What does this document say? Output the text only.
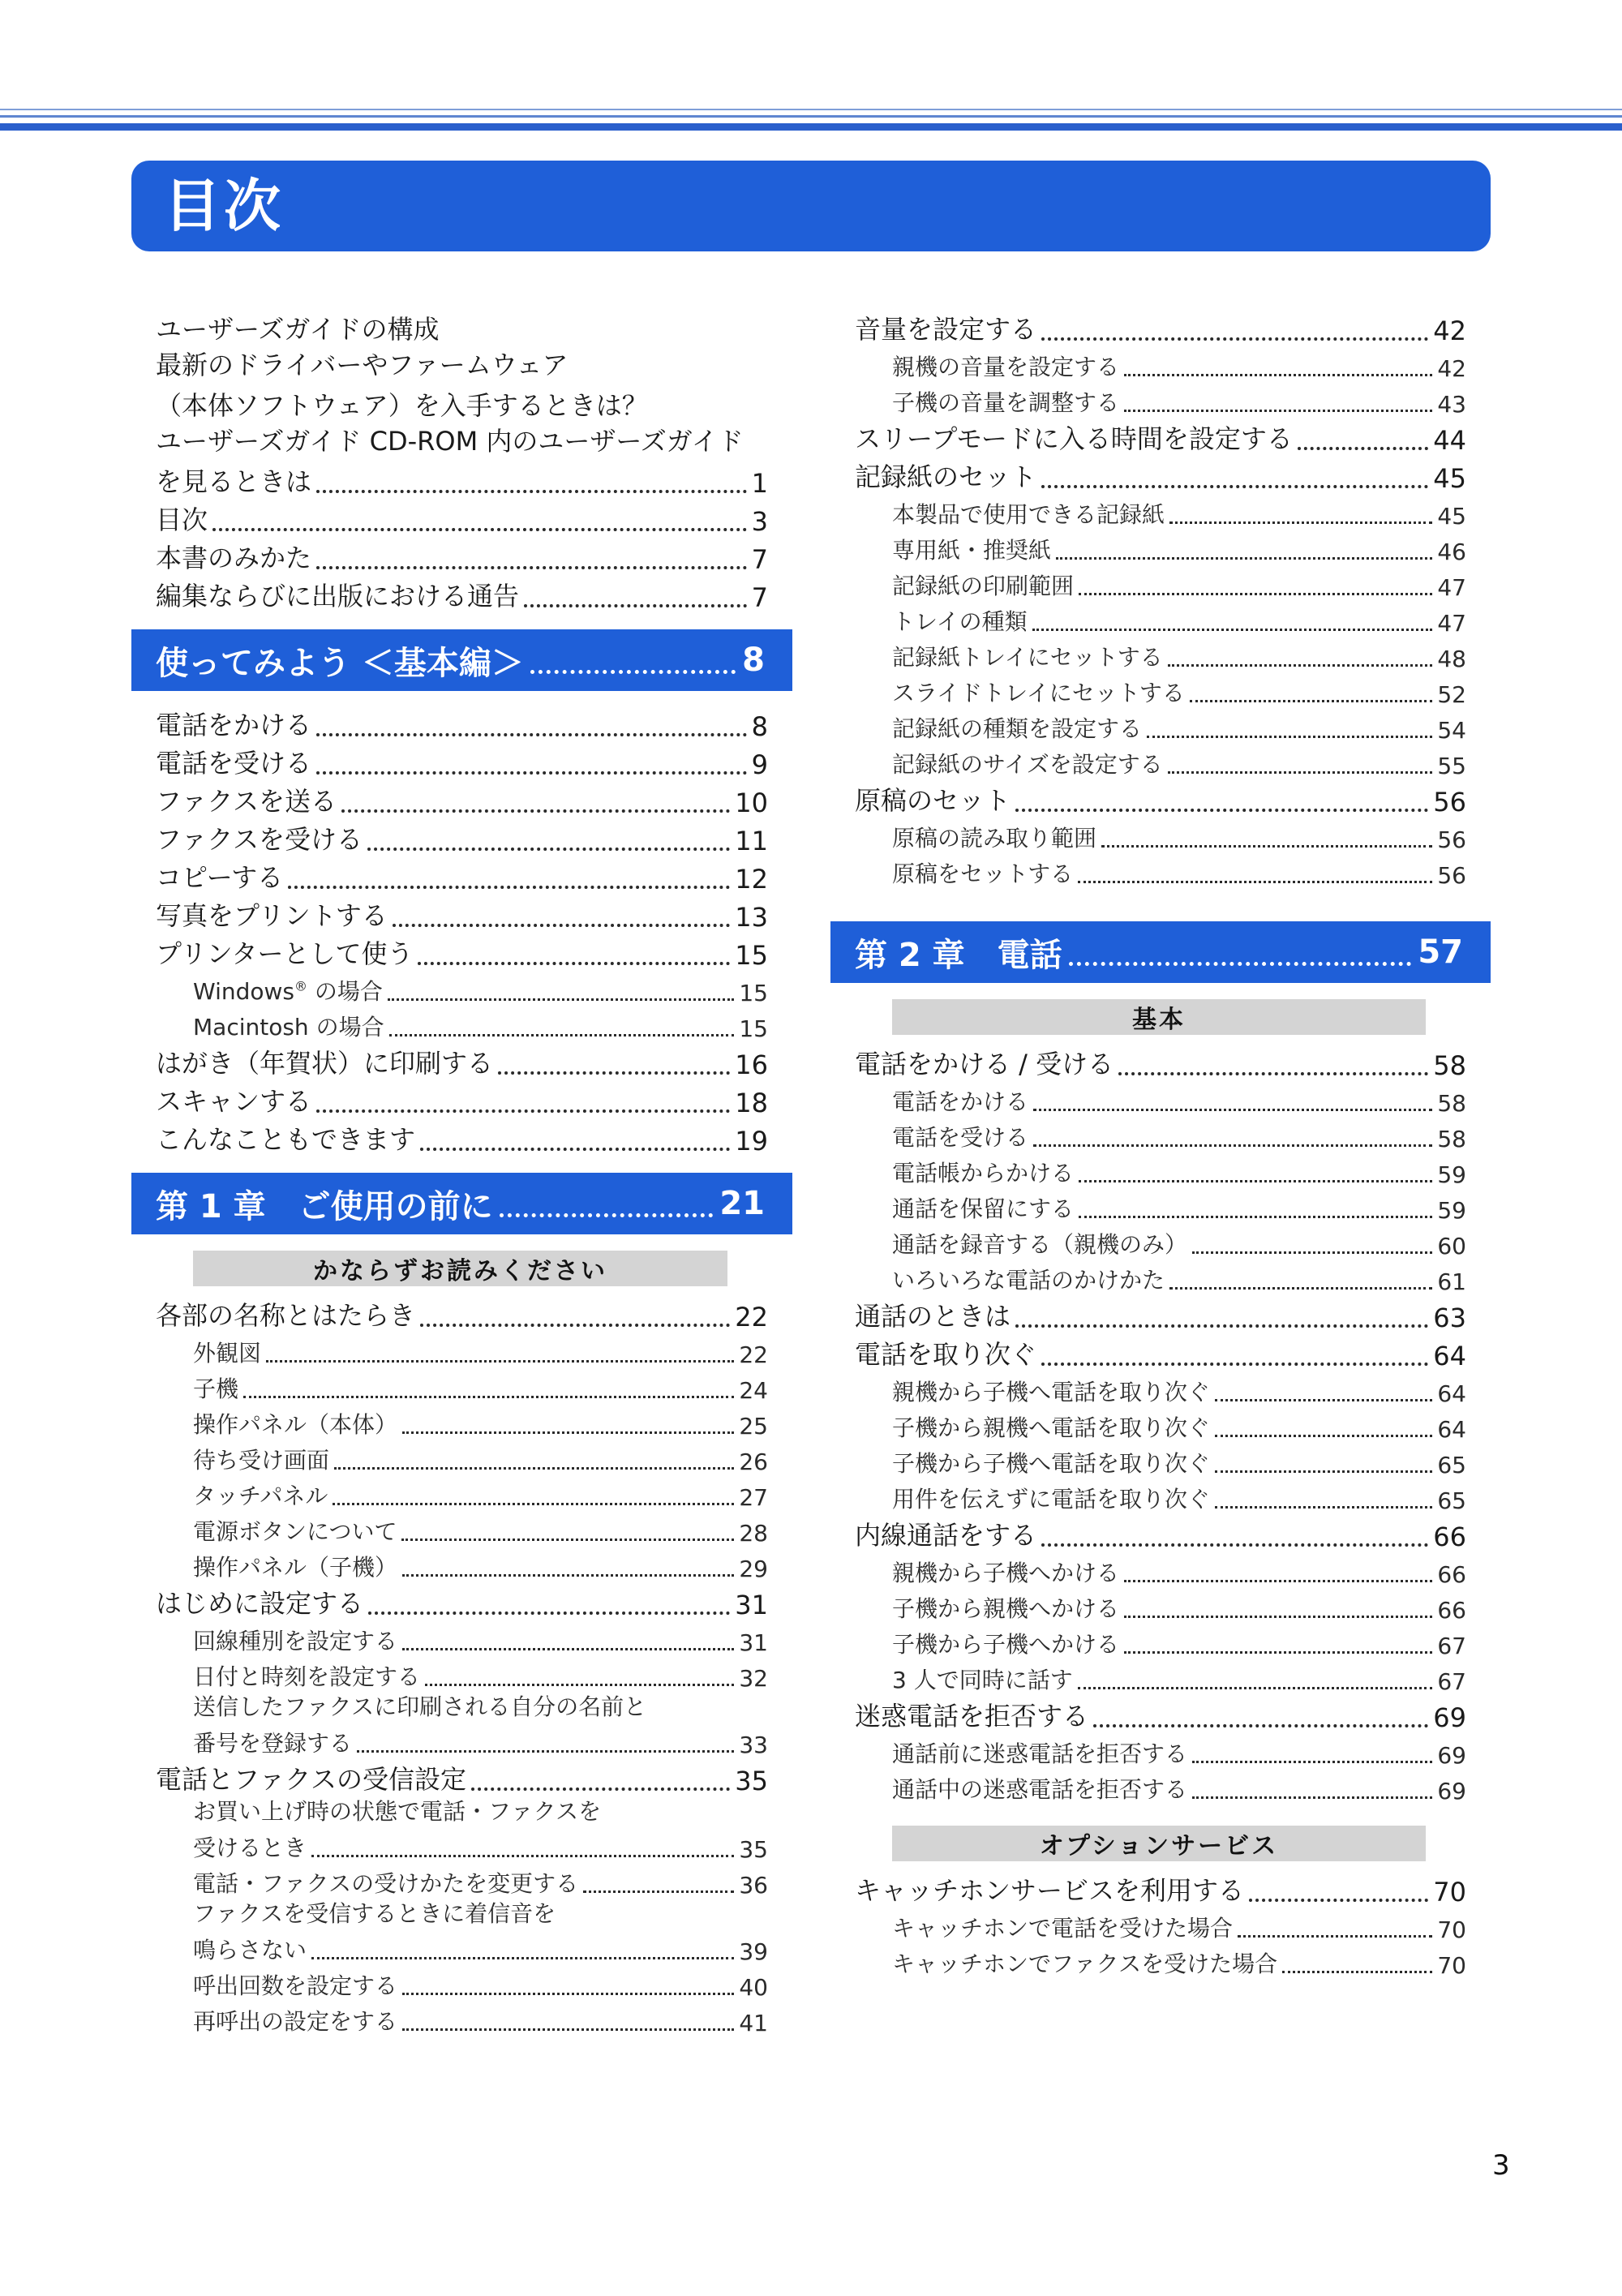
目次
ユーザーズガイドの構成
最新のドライバーやファームウェア
（本体ソフトウェア）を入手するときは？
ユーザーズガイド CD-ROM 内のユーザーズガイド
を見るときは	1
目次	3
本書のみかた	7
編集ならびに出版における通告	7
使ってみよう ＜基本編＞	8
電話をかける	8
電話を受ける	9
ファクスを送る	10
ファクスを受ける	11
コピーする	12
写真をプリントする	13
プリンターとして使う	15
Windows® の場合	15
Macintosh の場合	15
はがき（年賀状）に印刷する	16
スキャンする	18
こんなこともできます	19
第 1 章　ご使用の前に	21
かならずお読みください
各部の名称とはたらき	22
外観図	22
子機	24
操作パネル（本体）	25
待ち受け画面	26
タッチパネル	27
電源ボタンについて	28
操作パネル（子機）	29
はじめに設定する	31
回線種別を設定する	31
日付と時刻を設定する	32
送信したファクスに印刷される自分の名前と
番号を登録する	33
電話とファクスの受信設定	35
お買い上げ時の状態で電話・ファクスを
受けるとき	35
電話・ファクスの受けかたを変更する	36
ファクスを受信するときに着信音を
鳴らさない	39
呼出回数を設定する	40
再呼出の設定をする	41
音量を設定する	42
親機の音量を設定する	42
子機の音量を調整する	43
スリープモードに入る時間を設定する	44
記録紙のセット	45
本製品で使用できる記録紙	45
専用紙・推奨紙	46
記録紙の印刷範囲	47
トレイの種類	47
記録紙トレイにセットする	48
スライドトレイにセットする	52
記録紙の種類を設定する	54
記録紙のサイズを設定する	55
原稿のセット	56
原稿の読み取り範囲	56
原稿をセットする	56
第 2 章　電話	57
基本
電話をかける / 受ける	58
電話をかける	58
電話を受ける	58
電話帳からかける	59
通話を保留にする	59
通話を録音する（親機のみ）	60
いろいろな電話のかけかた	61
通話のときは	63
電話を取り次ぐ	64
親機から子機へ電話を取り次ぐ	64
子機から親機へ電話を取り次ぐ	64
子機から子機へ電話を取り次ぐ	65
用件を伝えずに電話を取り次ぐ	65
内線通話をする	66
親機から子機へかける	66
子機から親機へかける	66
子機から子機へかける	67
3 人で同時に話す	67
迷惑電話を拒否する	69
通話前に迷惑電話を拒否する	69
通話中の迷惑電話を拒否する	69
オプションサービス
キャッチホンサービスを利用する	70
キャッチホンで電話を受けた場合	70
キャッチホンでファクスを受けた場合	70
3
